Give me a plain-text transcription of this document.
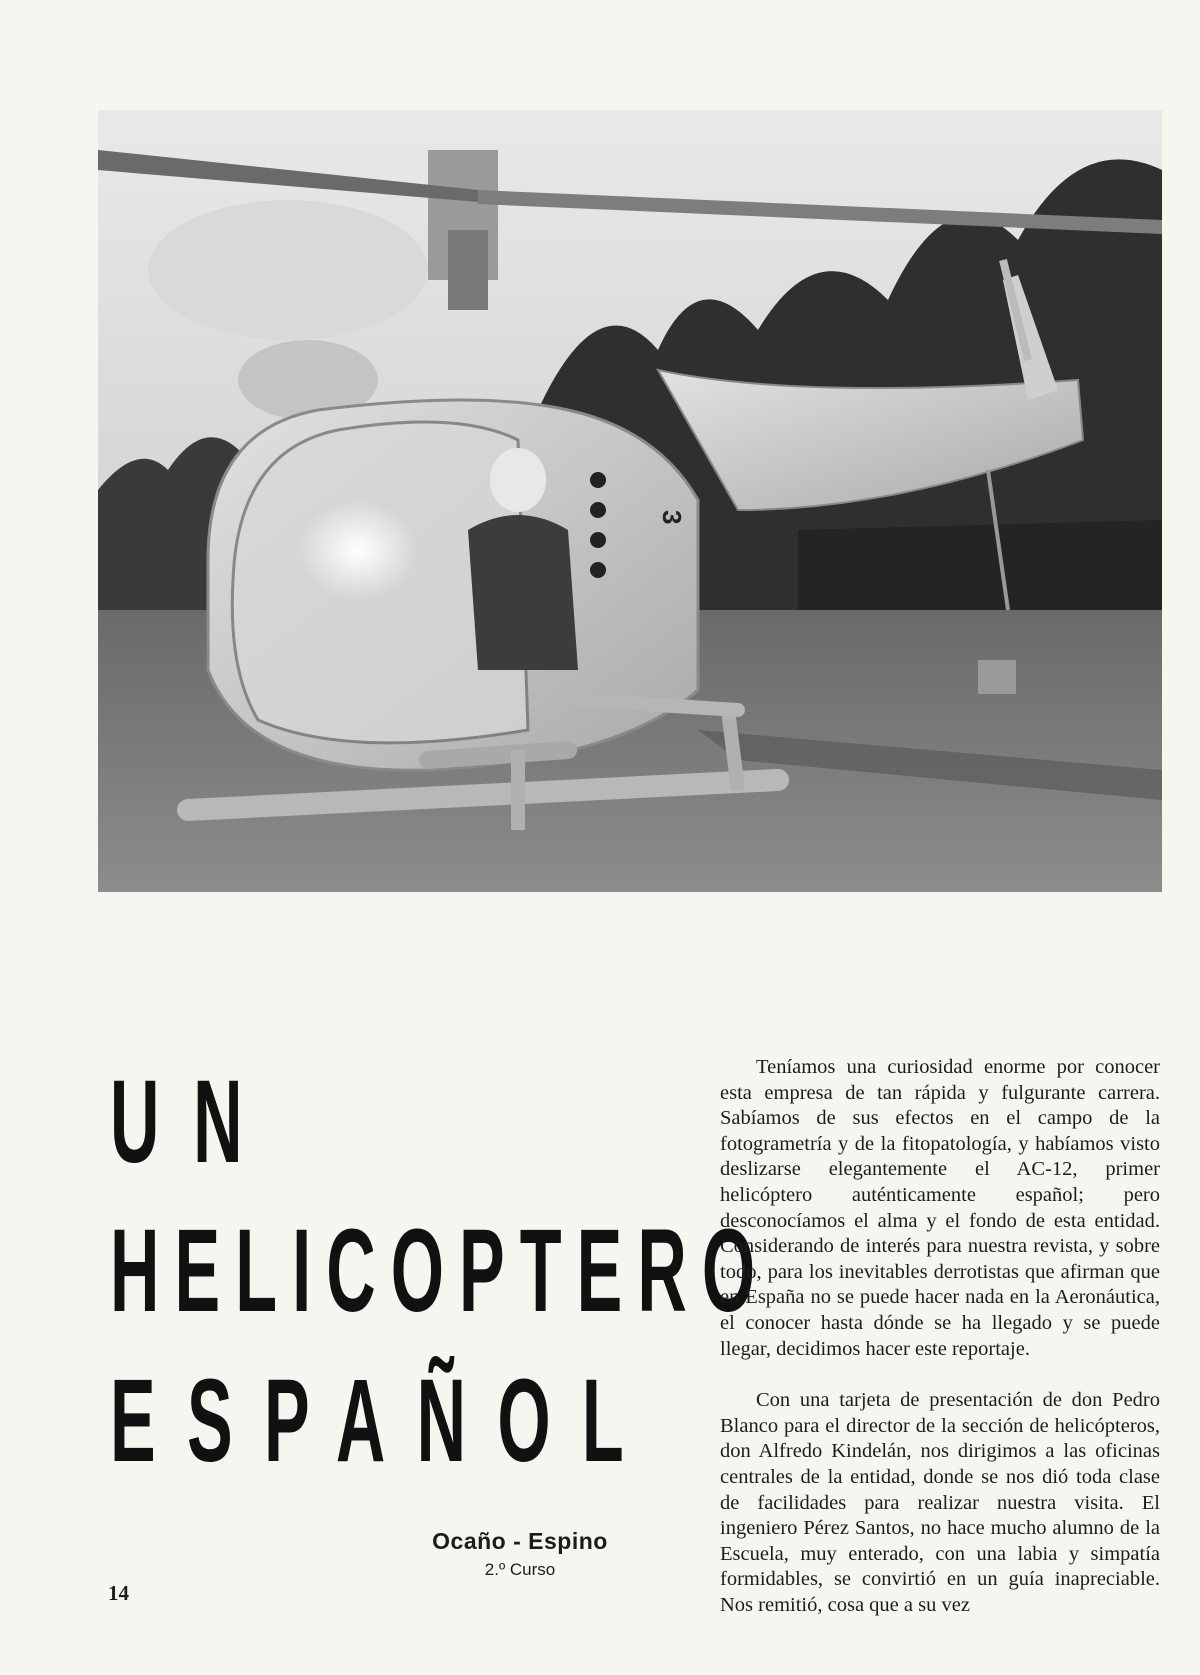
3
UN
HELICOPTERO
ESPAÑOL
Ocaño - Espino
2.º Curso
14

Teníamos una curiosidad enorme por conocer esta empresa de tan rápida y fulgurante carrera. Sabíamos de sus efectos en el campo de la fotogrametría y de la fitopatología, y habíamos visto deslizarse elegantemente el AC-12, primer helicóptero auténticamente español; pero desconocíamos el alma y el fondo de esta entidad. Considerando de interés para nuestra revista, y sobre todo, para los inevitables derrotistas que afirman que en España no se puede hacer nada en la Aeronáutica, el conocer hasta dónde se ha llegado y se puede llegar, decidimos hacer este reportaje.

Con una tarjeta de presentación de don Pedro Blanco para el director de la sección de helicópteros, don Alfredo Kindelán, nos dirigimos a las oficinas centrales de la entidad, donde se nos dió toda clase de facilidades para realizar nuestra visita. El ingeniero Pérez Santos, no hace mucho alumno de la Escuela, muy enterado, con una labia y simpatía formidables, se convirtió en un guía inapreciable. Nos remitió, cosa que a su vez
